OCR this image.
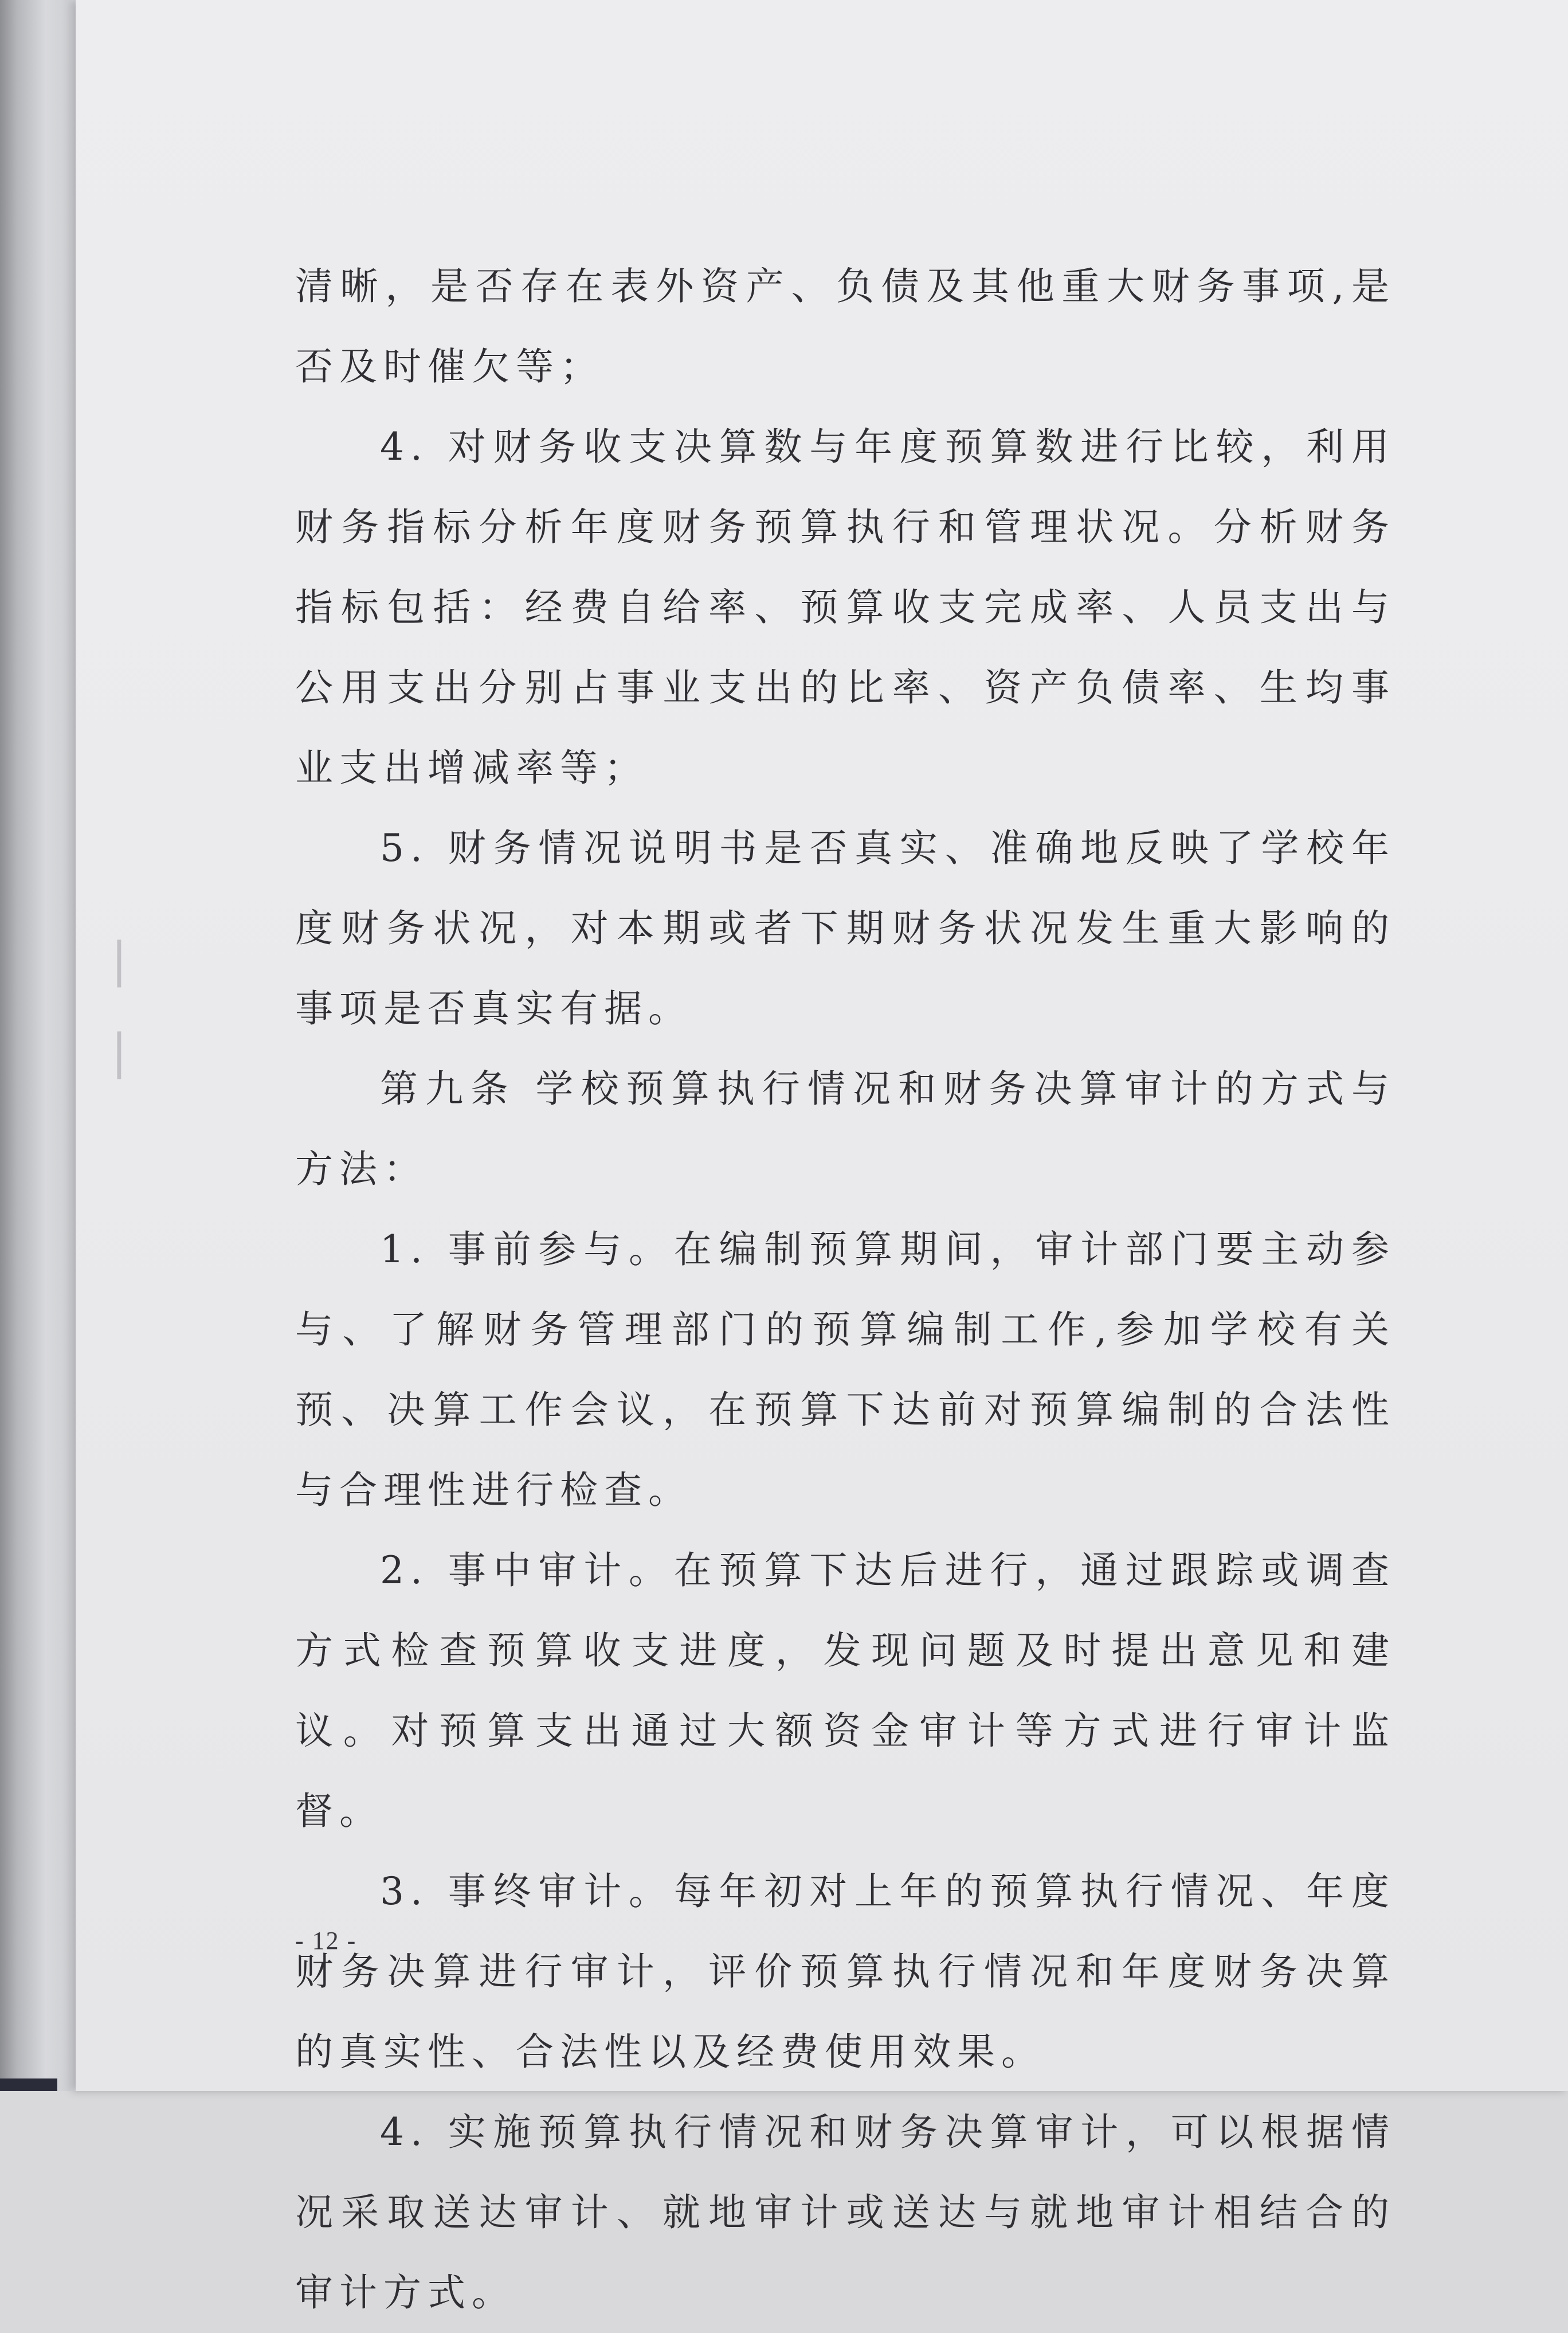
▏
▏

清晰，是否存在表外资产、负债及其他重大财务事项,是否及时催欠等；

4. 对财务收支决算数与年度预算数进行比较，利用财务指标分析年度财务预算执行和管理状况。分析财务指标包括：经费自给率、预算收支完成率、人员支出与公用支出分别占事业支出的比率、资产负债率、生均事业支出增减率等；

5. 财务情况说明书是否真实、准确地反映了学校年度财务状况，对本期或者下期财务状况发生重大影响的事项是否真实有据。

第九条 学校预算执行情况和财务决算审计的方式与方法：

1. 事前参与。在编制预算期间，审计部门要主动参与、了解财务管理部门的预算编制工作,参加学校有关预、决算工作会议，在预算下达前对预算编制的合法性与合理性进行检查。

2. 事中审计。在预算下达后进行，通过跟踪或调查方式检查预算收支进度，发现问题及时提出意见和建议。对预算支出通过大额资金审计等方式进行审计监督。

3. 事终审计。每年初对上年的预算执行情况、年度财务决算进行审计，评价预算执行情况和年度财务决算的真实性、合法性以及经费使用效果。

4. 实施预算执行情况和财务决算审计，可以根据情况采取送达审计、就地审计或送达与就地审计相结合的审计方式。

- 12 -
